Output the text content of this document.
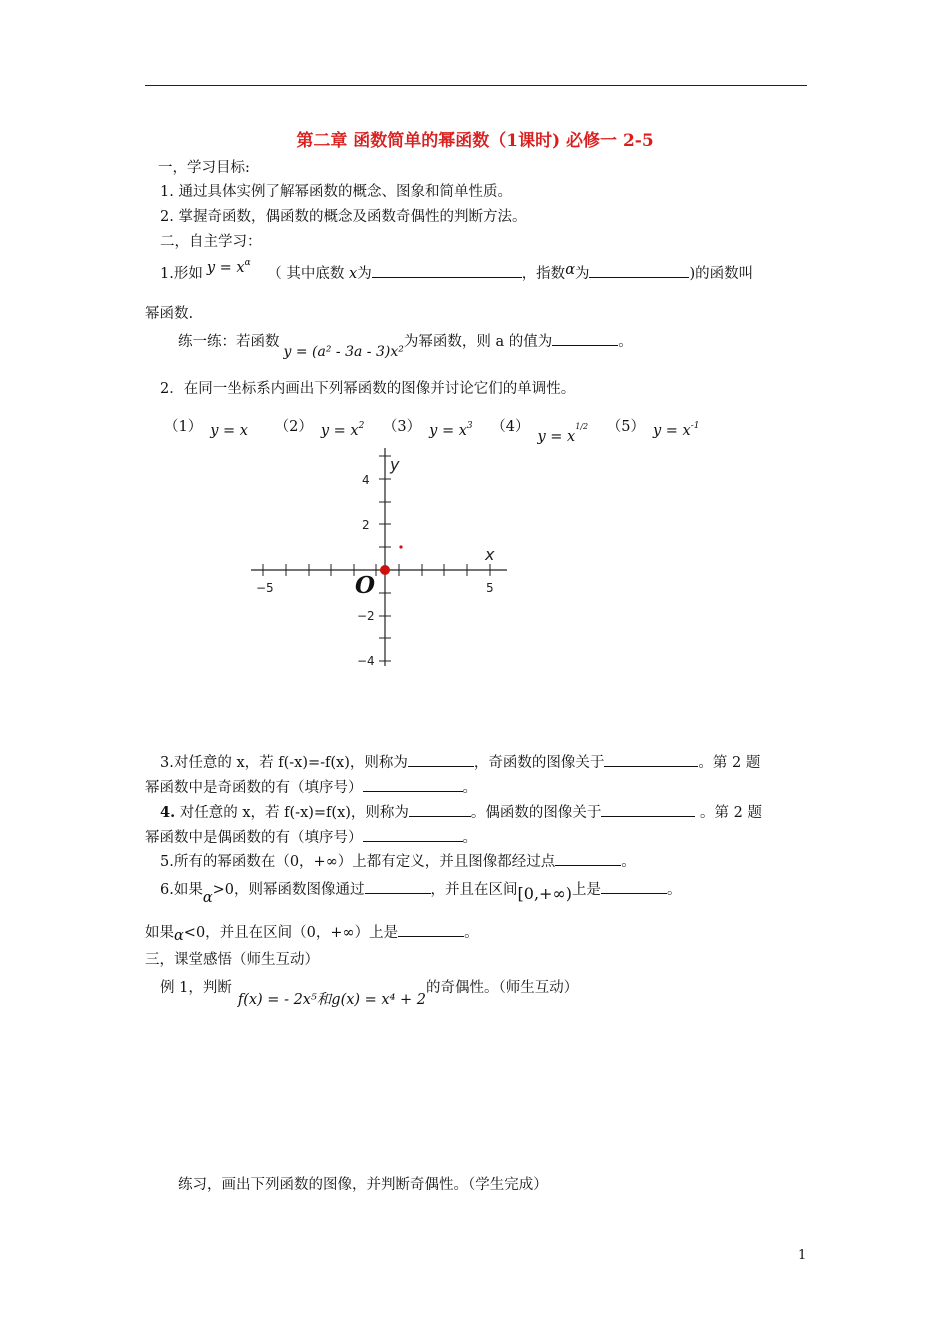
第二章 函数简单的幂函数（1课时) 必修一 2-5
一，学习目标:
1. 通过具体实例了解幂函数的概念、图象和简单性质。
2. 掌握奇函数，偶函数的概念及函数奇偶性的判断方法。
二，自主学习：
1.形如 $y = x^\alpha$ （ 其中底数 x为	，指数α为	)的函数叫
幂函数.
练一练：若函数y = (a² - 3a - 3)x²为幂函数，则 a 的值为	。
2．在同一坐标系内画出下列幂函数的图像并讨论它们的单调性。
（1） y = x （2） $y = x^2$ （3） $y = x^3$ （4）y = x1/2 （5） $y = x^{-1}$
y
x
−5	5
4
2
−2
−4
O
3.对任意的 x，若 f(-x)=-f(x)，则称为	，奇函数的图像关于	。第 2 题
幂函数中是奇函数的有（填序号）	。
4. 对任意的 x，若 f(-x)=f(x)，则称为	。偶函数的图像关于	。第 2 题
幂函数中是偶函数的有（填序号）	。
5.所有的幂函数在（0，+∞）上都有定义，并且图像都经过点	。
6.如果α>0，则幂函数图像通过	，并且在区间[0,+∞)上是	。
如果α<0，并且在区间（0，+∞）上是	。
三，课堂感悟（师生互动）
例 1，判断f(x) = - 2x⁵和g(x) = x⁴ + 2的奇偶性。（师生互动）
练习，画出下列函数的图像，并判断奇偶性。（学生完成）
1
